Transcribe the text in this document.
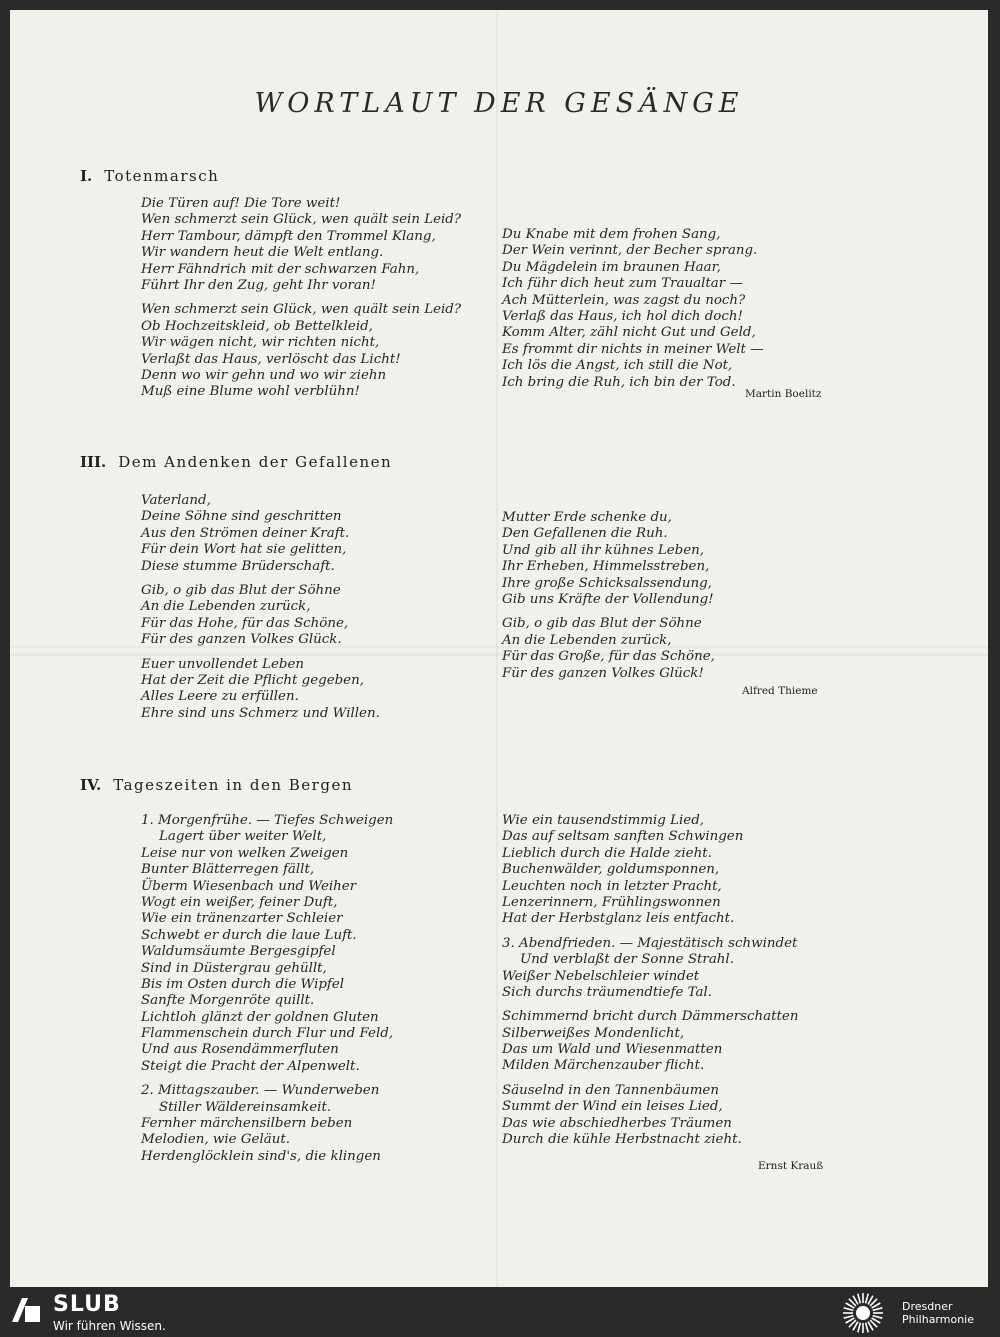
WORTLAUT DER GESÄNGE
I. Totenmarsch
Die Türen auf! Die Tore weit!
Wen schmerzt sein Glück, wen quält sein Leid?
Herr Tambour, dämpft den Trommel Klang,
Wir wandern heut die Welt entlang.
Herr Fähndrich mit der schwarzen Fahn,
Führt Ihr den Zug, geht Ihr voran!
Wen schmerzt sein Glück, wen quält sein Leid?
Ob Hochzeitskleid, ob Bettelkleid,
Wir wägen nicht, wir richten nicht,
Verlaßt das Haus, verlöscht das Licht!
Denn wo wir gehn und wo wir ziehn
Muß eine Blume wohl verblühn!
Du Knabe mit dem frohen Sang,
Der Wein verinnt, der Becher sprang.
Du Mägdelein im braunen Haar,
Ich führ dich heut zum Traualtar —
Ach Mütterlein, was zagst du noch?
Verlaß das Haus, ich hol dich doch!
Komm Alter, zähl nicht Gut und Geld,
Es frommt dir nichts in meiner Welt —
Ich lös die Angst, ich still die Not,
Ich bring die Ruh, ich bin der Tod.
Martin Boelitz
III. Dem Andenken der Gefallenen
Vaterland,
Deine Söhne sind geschritten
Aus den Strömen deiner Kraft.
Für dein Wort hat sie gelitten,
Diese stumme Brüderschaft.
Gib, o gib das Blut der Söhne
An die Lebenden zurück,
Für das Hohe, für das Schöne,
Für des ganzen Volkes Glück.
Euer unvollendet Leben
Hat der Zeit die Pflicht gegeben,
Alles Leere zu erfüllen.
Ehre sind uns Schmerz und Willen.
Mutter Erde schenke du,
Den Gefallenen die Ruh.
Und gib all ihr kühnes Leben,
Ihr Erheben, Himmelsstreben,
Ihre große Schicksalssendung,
Gib uns Kräfte der Vollendung!
Gib, o gib das Blut der Söhne
An die Lebenden zurück,
Für das Große, für das Schöne,
Für des ganzen Volkes Glück!
Alfred Thieme
IV. Tageszeiten in den Bergen
1. Morgenfrühe. — Tiefes Schweigen
Lagert über weiter Welt,
Leise nur von welken Zweigen
Bunter Blätterregen fällt,
Überm Wiesenbach und Weiher
Wogt ein weißer, feiner Duft,
Wie ein tränenzarter Schleier
Schwebt er durch die laue Luft.
Waldumsäumte Bergesgipfel
Sind in Düstergrau gehüllt,
Bis im Osten durch die Wipfel
Sanfte Morgenröte quillt.
Lichtloh glänzt der goldnen Gluten
Flammenschein durch Flur und Feld,
Und aus Rosendämmerfluten
Steigt die Pracht der Alpenwelt.
2. Mittagszauber. — Wunderweben
Stiller Wäldereinsamkeit.
Fernher märchensilbern beben
Melodien, wie Geläut.
Herdenglöcklein sind's, die klingen
Wie ein tausendstimmig Lied,
Das auf seltsam sanften Schwingen
Lieblich durch die Halde zieht.
Buchenwälder, goldumsponnen,
Leuchten noch in letzter Pracht,
Lenzerinnern, Frühlingswonnen
Hat der Herbstglanz leis entfacht.
3. Abendfrieden. — Majestätisch schwindet
Und verblaßt der Sonne Strahl.
Weißer Nebelschleier windet
Sich durchs träumendtiefe Tal.
Schimmernd bricht durch Dämmerschatten
Silberweißes Mondenlicht,
Das um Wald und Wiesenmatten
Milden Märchenzauber flicht.
Säuselnd in den Tannenbäumen
Summt der Wind ein leises Lied,
Das wie abschiedherbes Träumen
Durch die kühle Herbstnacht zieht.
Ernst Krauß
SLUB
Wir führen Wissen.
Dresdner
Philharmonie
